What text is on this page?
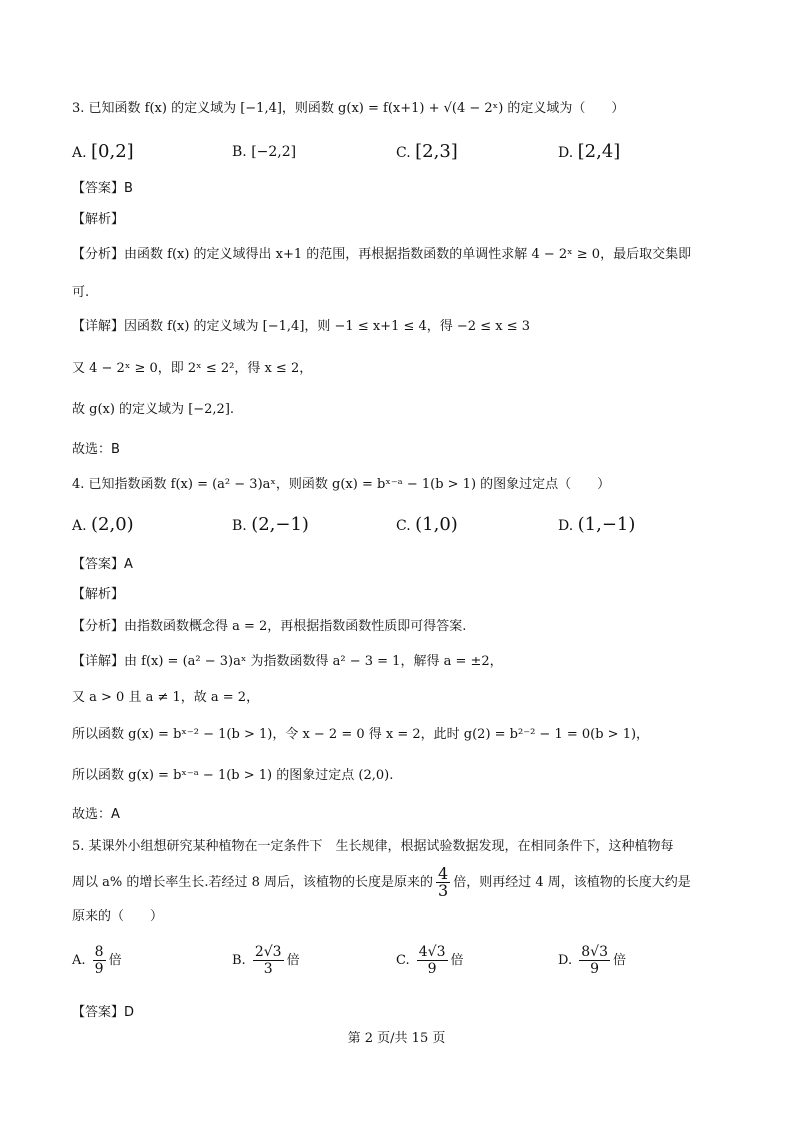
3. 已知函数 f(x) 的定义域为 [−1,4]，则函数 g(x) = f(x+1) + √(4 − 2ˣ) 的定义域为（　　）
A. [0,2]	B. [−2,2]	C. [2,3]	D. [2,4]
【答案】B
【解析】
【分析】由函数 f(x) 的定义域得出 x+1 的范围，再根据指数函数的单调性求解 4 − 2ˣ ≥ 0，最后取交集即
可.
【详解】因函数 f(x) 的定义域为 [−1,4]，则 −1 ≤ x+1 ≤ 4，得 −2 ≤ x ≤ 3
又 4 − 2ˣ ≥ 0，即 2ˣ ≤ 2²，得 x ≤ 2，
故 g(x) 的定义域为 [−2,2].
故选：B
4. 已知指数函数 f(x) = (a² − 3)aˣ，则函数 g(x) = bˣ⁻ᵃ − 1(b > 1) 的图象过定点（　　）
A. (2,0)	B. (2,−1)	C. (1,0)	D. (1,−1)
【答案】A
【解析】
【分析】由指数函数概念得 a = 2，再根据指数函数性质即可得答案.
【详解】由 f(x) = (a² − 3)aˣ 为指数函数得 a² − 3 = 1，解得 a = ±2，
又 a > 0 且 a ≠ 1，故 a = 2，
所以函数 g(x) = bˣ⁻² − 1(b > 1)，令 x − 2 = 0 得 x = 2，此时 g(2) = b²⁻² − 1 = 0(b > 1)，
所以函数 g(x) = bˣ⁻ᵃ − 1(b > 1) 的图象过定点 (2,0).
故选：A
5. 某课外小组想研究某种植物在一定条件下　生长规律，根据试验数据发现，在相同条件下，这种植物每
周以 a% 的增长率生长.若经过 8 周后，该植物的长度是原来的 $\frac{4}{3}$ 倍，则再经过 4 周，该植物的长度大约是
原来的（　　）
A. $\frac{8}{9}$ 倍	B. $\frac{2√3}{3}$ 倍	C. $\frac{4√3}{9}$ 倍	D. $\frac{8√3}{9}$ 倍
【答案】D
第 2 页/共 15 页
